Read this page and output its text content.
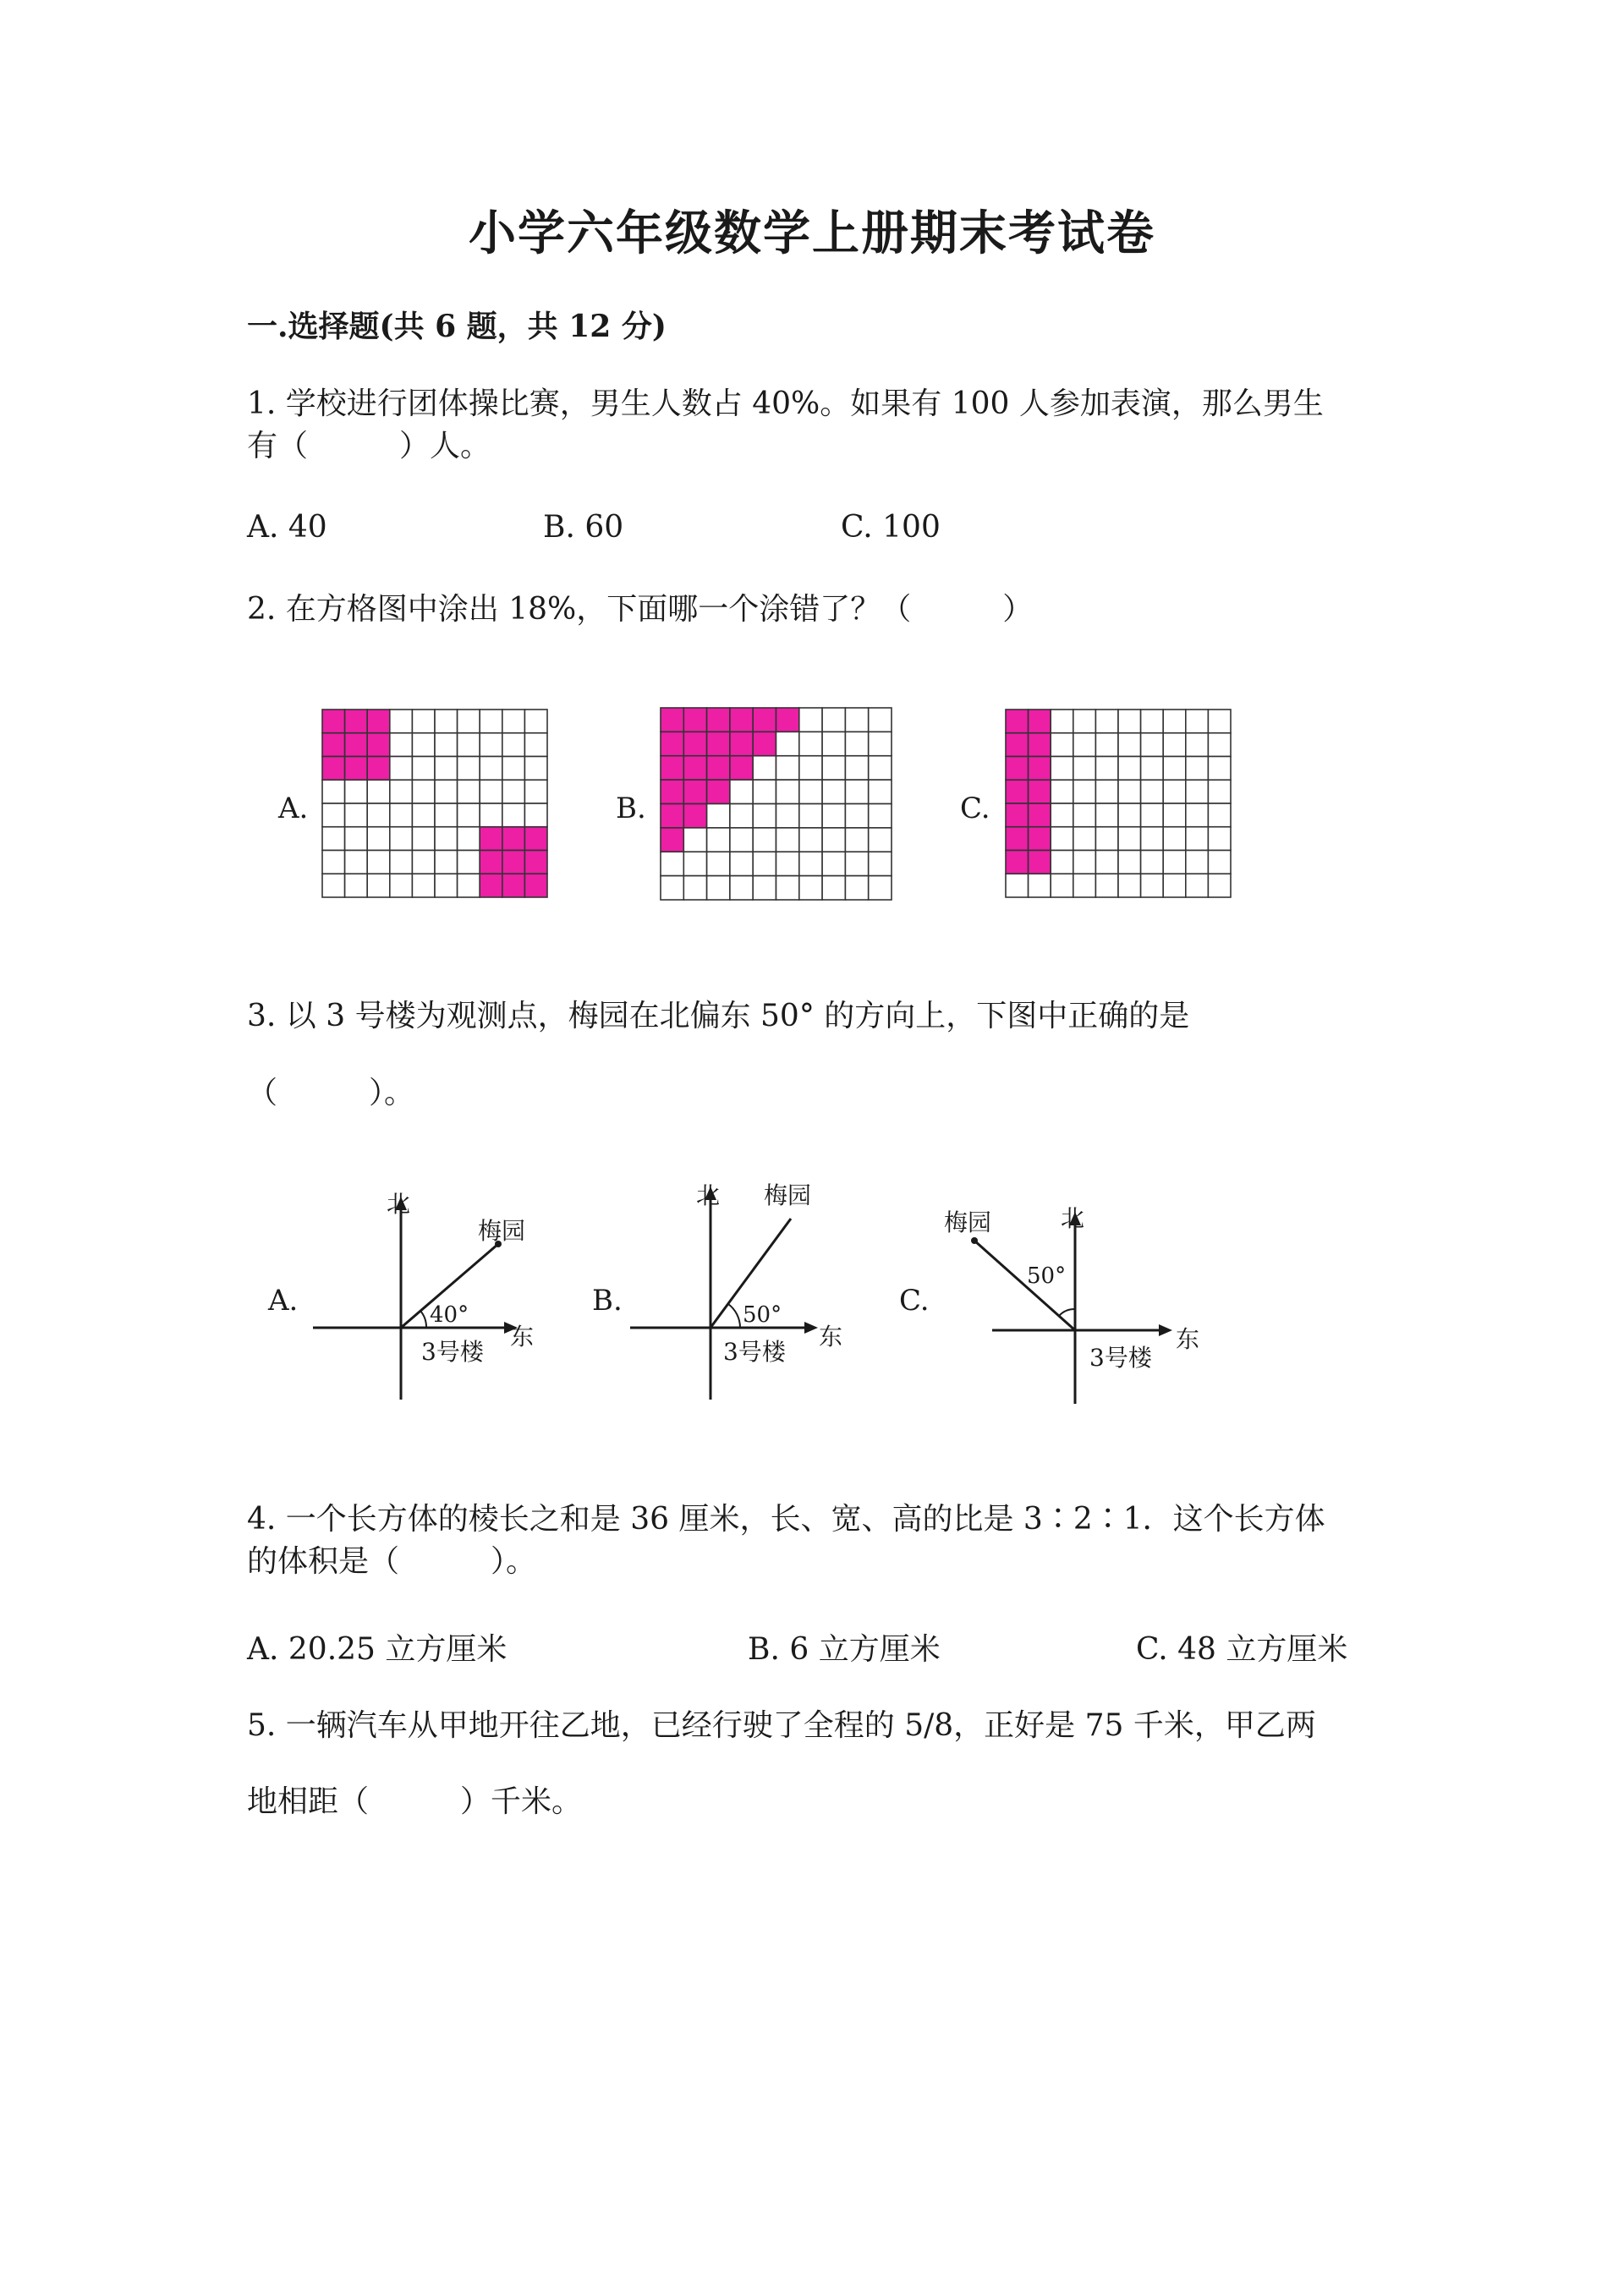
小学六年级数学上册期末考试卷
一.选择题(共 6 题，共 12 分)
1. 学校进行团体操比赛，男生人数占 40%。如果有 100 人参加表演，那么男生
有（　　　）人。
A. 40	B. 60	C. 100
2. 在方格图中涂出 18%，下面哪一个涂错了？（　　　）
A.	B.	C.
3. 以 3 号楼为观测点，梅园在北偏东 50° 的方向上，下图中正确的是
（　　　）。
A.
北
梅园
40°
东
3号楼
B.
北 梅园
50°
东
3号楼
C.
北
梅园
50°
东
3号楼
4. 一个长方体的棱长之和是 36 厘米，长、宽、高的比是 3∶2∶1．这个长方体
的体积是（　　　）。
A. 20.25 立方厘米	B. 6 立方厘米	C. 48 立方厘米
5. 一辆汽车从甲地开往乙地，已经行驶了全程的 5/8，正好是 75 千米，甲乙两
地相距（　　　）千米。
